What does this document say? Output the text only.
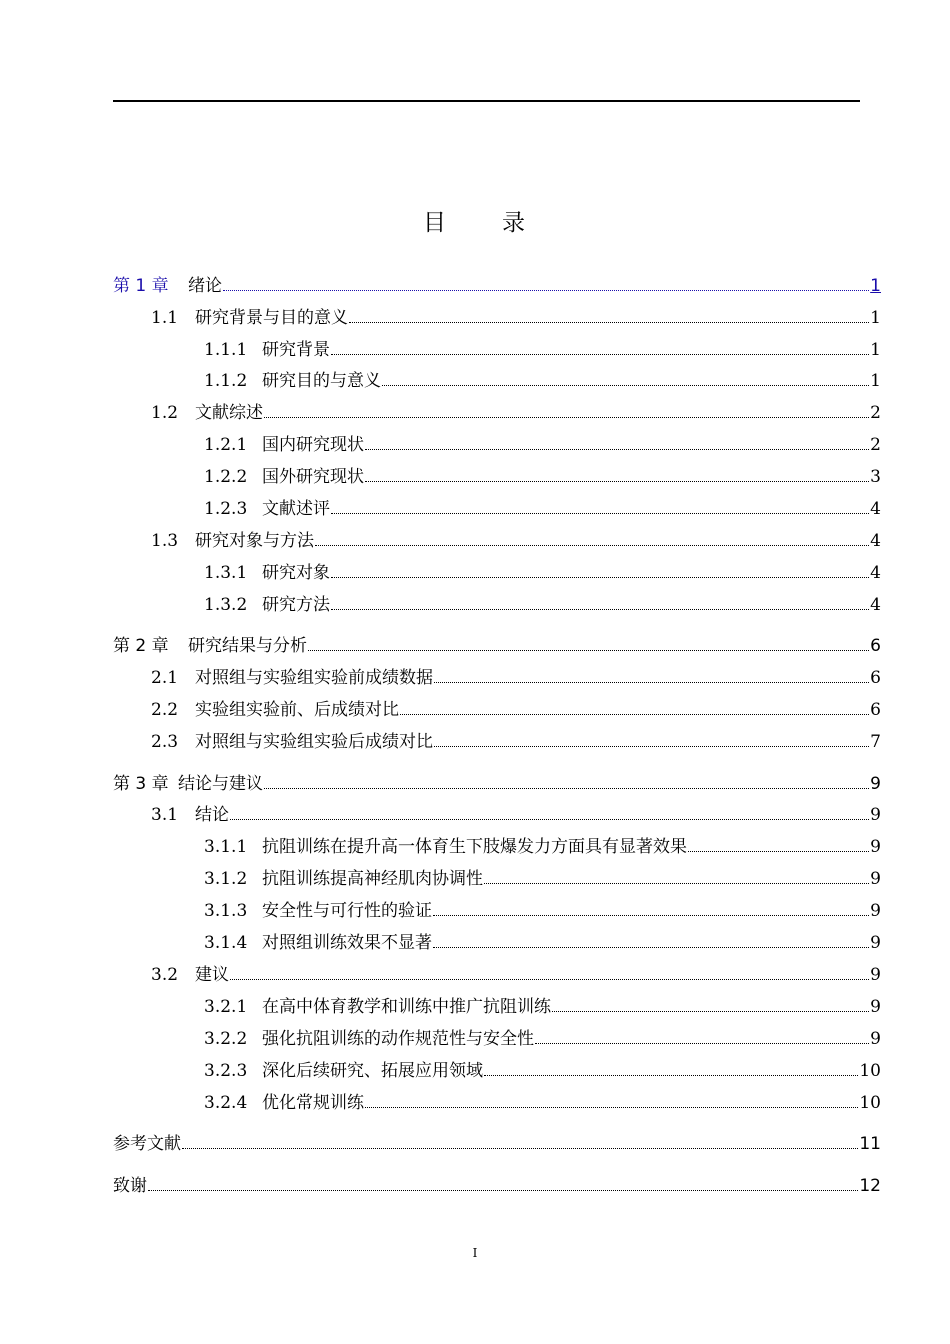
目 录
第 1 章	绪论	1
1.1 研究背景与目的意义	1
1.1.1 研究背景	1
1.1.2 研究目的与意义	1
1.2 文献综述	2
1.2.1 国内研究现状	2
1.2.2 国外研究现状	3
1.2.3 文献述评	4
1.3 研究对象与方法	4
1.3.1 研究对象	4
1.3.2 研究方法	4
第 2 章	研究结果与分析	6
2.1 对照组与实验组实验前成绩数据	6
2.2 实验组实验前、后成绩对比	6
2.3 对照组与实验组实验后成绩对比	7
第 3 章 结论与建议	9
3.1 结论	9
3.1.1 抗阻训练在提升高一体育生下肢爆发力方面具有显著效果	9
3.1.2 抗阻训练提高神经肌肉协调性	9
3.1.3 安全性与可行性的验证	9
3.1.4 对照组训练效果不显著	9
3.2 建议	9
3.2.1 在高中体育教学和训练中推广抗阻训练	9
3.2.2 强化抗阻训练的动作规范性与安全性	9
3.2.3 深化后续研究、拓展应用领域	10
3.2.4 优化常规训练	10
参考文献	11
致谢	12
I
